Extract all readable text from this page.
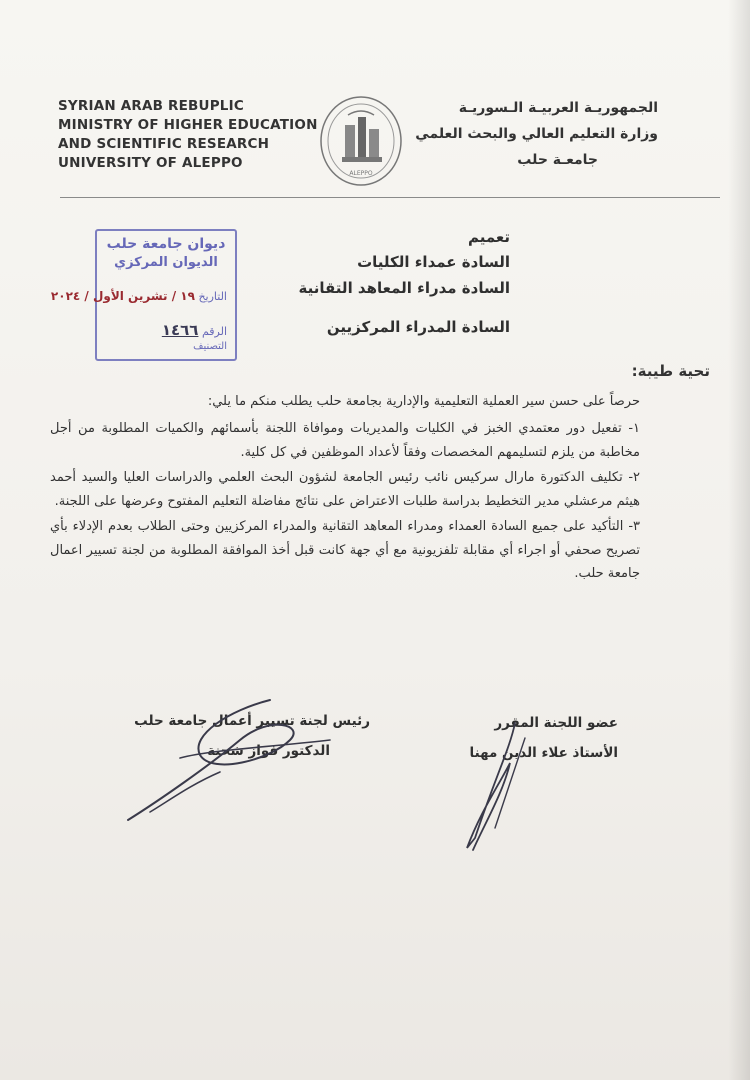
SYRIAN ARAB REBUPLIC
MINISTRY OF HIGHER EDUCATION
AND SCIENTIFIC RESEARCH
UNIVERSITY OF ALEPPO
ALEPPO
الجمهوريـة العربيـة الـسوريـة
وزارة التعليم العالي والبحث العلمي
جامعـة حلب
ديوان جامعة حلب
الديوان المركزي
التاريخ ١٩ / تشرين الأول / ٢٠٢٤
الرقم ١٤٦٦
التصنيف
تعميم
السادة عمداء الكليات
السادة مدراء المعاهد التقانية
السادة المدراء المركزيين
تحية طيبة:
حرصاً على حسن سير العملية التعليمية والإدارية بجامعة حلب يطلب منكم ما يلي:
١- تفعيل دور معتمدي الخبز في الكليات والمديريات وموافاة اللجنة بأسمائهم والكميات المطلوبة من أجل مخاطبة من يلزم لتسليمهم المخصصات وفقاً لأعداد الموظفين في كل كلية.
٢- تكليف الدكتورة مارال سركيس نائب رئيس الجامعة لشؤون البحث العلمي والدراسات العليا والسيد أحمد هيثم مرعشلي مدير التخطيط بدراسة طلبات الاعتراض على نتائج مفاضلة التعليم المفتوح وعرضها على اللجنة.
٣- التأكيد على جميع السادة العمداء ومدراء المعاهد التقانية والمدراء المركزيين وحتى الطلاب بعدم الإدلاء بأي تصريح صحفي أو اجراء أي مقابلة تلفزيونية مع أي جهة كانت قبل أخذ الموافقة المطلوبة من لجنة تسيير اعمال جامعة حلب.
رئيس لجنة تسيير أعمال جامعة حلب
الدكتور فواز شحنة
عضو اللجنة المقرر
الأستاذ علاء الدين مهنا
